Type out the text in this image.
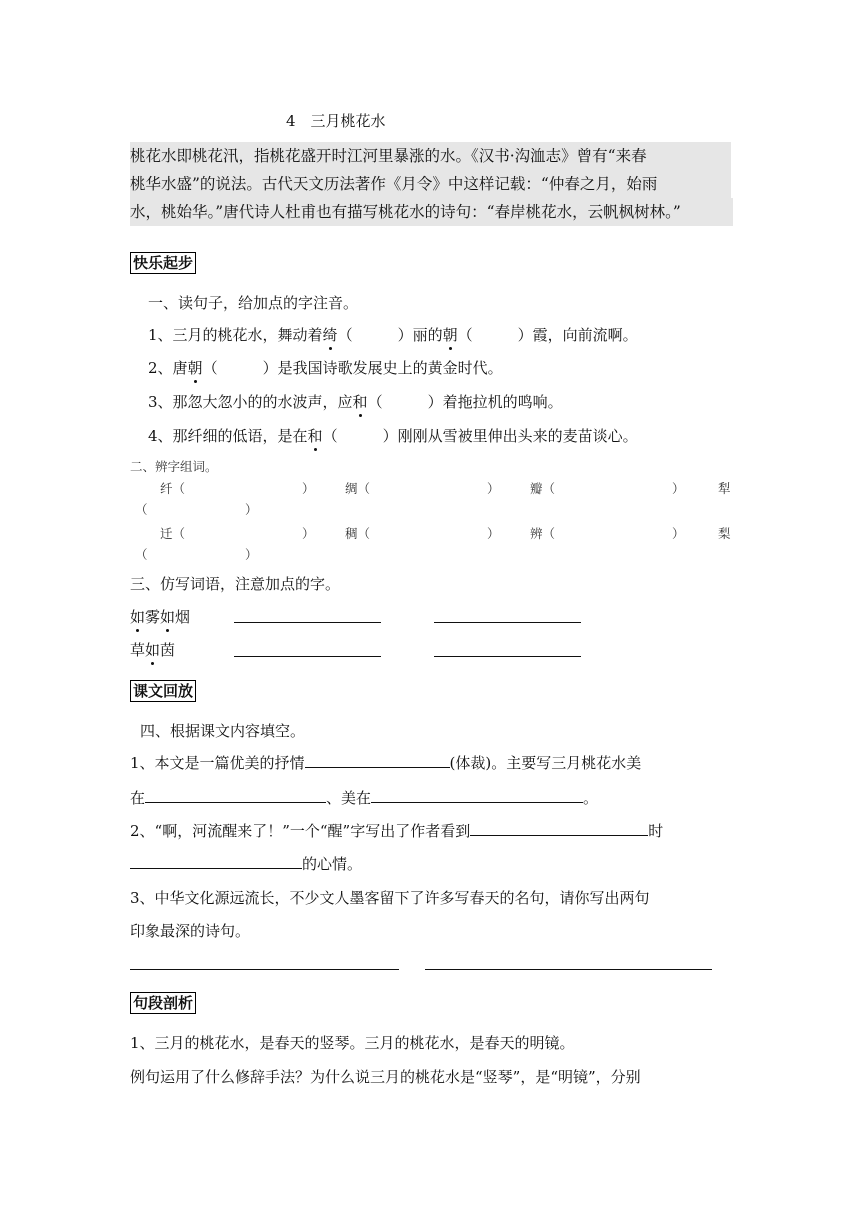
4　三月桃花水
桃花水即桃花汛，指桃花盛开时江河里暴涨的水。《汉书·沟洫志》曾有“来春
桃华水盛”的说法。古代天文历法著作《月令》中这样记载：“仲春之月，始雨
水，桃始华。”唐代诗人杜甫也有描写桃花水的诗句：“春岸桃花水，云帆枫树林。”
快乐起步
一、读句子，给加点的字注音。
1、三月的桃花水，舞动着绮（　　　）丽的朝（　　　）霞，向前流啊。
2、唐朝（　　　）是我国诗歌发展史上的黄金时代。
3、那忽大忽小的的水波声，应和（　　　）着拖拉机的鸣响。
4、那纤细的低语，是在和（　　　）刚刚从雪被里伸出头来的麦苗谈心。
二、辨字组词。
纤（	） 绸（	） 瓣（	）	犁
（	）
迁（	） 稠（	） 辨（	）	梨
（	）
三、仿写词语，注意加点的字。
如雾如烟
草如茵
课文回放
四、根据课文内容填空。
1、本文是一篇优美的抒情	(体裁)。主要写三月桃花水美
在	、美在	。
2、“啊，河流醒来了！”一个“醒”字写出了作者看到	时
的心情。
3、中华文化源远流长，不少文人墨客留下了许多写春天的名句，请你写出两句
印象最深的诗句。
句段剖析
1、三月的桃花水，是春天的竖琴。三月的桃花水，是春天的明镜。
例句运用了什么修辞手法？为什么说三月的桃花水是“竖琴”，是“明镜”，分别
